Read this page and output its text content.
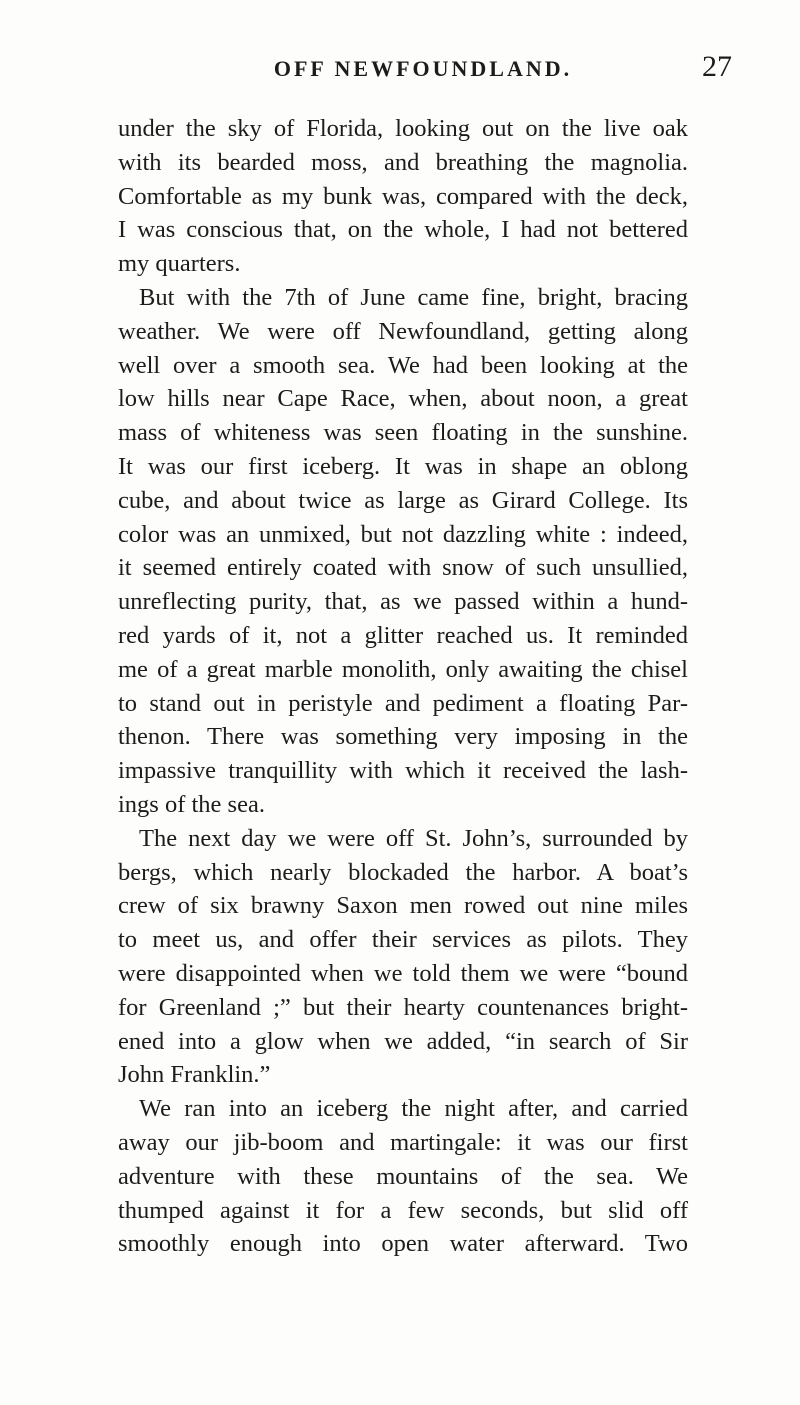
OFF NEWFOUNDLAND.	27
under the sky of Florida, looking out on the live oak
with its bearded moss, and breathing the magnolia.
Comfortable as my bunk was, compared with the deck,
I was conscious that, on the whole, I had not bettered
my quarters.
But with the 7th of June came fine, bright, bracing
weather. We were off Newfoundland, getting along
well over a smooth sea. We had been looking at the
low hills near Cape Race, when, about noon, a great
mass of whiteness was seen floating in the sunshine.
It was our first iceberg. It was in shape an oblong
cube, and about twice as large as Girard College. Its
color was an unmixed, but not dazzling white : indeed,
it seemed entirely coated with snow of such unsullied,
unreflecting purity, that, as we passed within a hund-
red yards of it, not a glitter reached us. It reminded
me of a great marble monolith, only awaiting the chisel
to stand out in peristyle and pediment a floating Par-
thenon. There was something very imposing in the
impassive tranquillity with which it received the lash-
ings of the sea.
The next day we were off St. John’s, surrounded by
bergs, which nearly blockaded the harbor. A boat’s
crew of six brawny Saxon men rowed out nine miles
to meet us, and offer their services as pilots. They
were disappointed when we told them we were “bound
for Greenland ;” but their hearty countenances bright-
ened into a glow when we added, “in search of Sir
John Franklin.”
We ran into an iceberg the night after, and carried
away our jib-boom and martingale: it was our first
adventure with these mountains of the sea. We
thumped against it for a few seconds, but slid off
smoothly enough into open water afterward. Two
